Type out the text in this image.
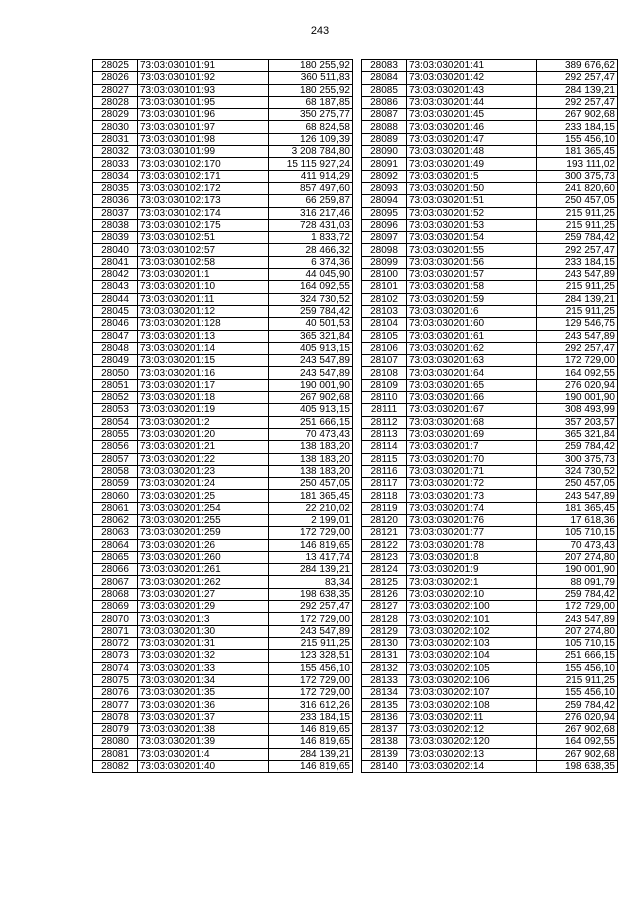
243
28025	73:03:030101:91	180 255,92
28026	73:03:030101:92	360 511,83
28027	73:03:030101:93	180 255,92
28028	73:03:030101:95	68 187,85
28029	73:03:030101:96	350 275,77
28030	73:03:030101:97	68 824,58
28031	73:03:030101:98	126 109,39
28032	73:03:030101:99	3 208 784,80
28033	73:03:030102:170	15 115 927,24
28034	73:03:030102:171	411 914,29
28035	73:03:030102:172	857 497,60
28036	73:03:030102:173	66 259,87
28037	73:03:030102:174	316 217,46
28038	73:03:030102:175	728 431,03
28039	73:03:030102:51	1 833,72
28040	73:03:030102:57	28 466,32
28041	73:03:030102:58	6 374,36
28042	73:03:030201:1	44 045,90
28043	73:03:030201:10	164 092,55
28044	73:03:030201:11	324 730,52
28045	73:03:030201:12	259 784,42
28046	73:03:030201:128	40 501,53
28047	73:03:030201:13	365 321,84
28048	73:03:030201:14	405 913,15
28049	73:03:030201:15	243 547,89
28050	73:03:030201:16	243 547,89
28051	73:03:030201:17	190 001,90
28052	73:03:030201:18	267 902,68
28053	73:03:030201:19	405 913,15
28054	73:03:030201:2	251 666,15
28055	73:03:030201:20	70 473,43
28056	73:03:030201:21	138 183,20
28057	73:03:030201:22	138 183,20
28058	73:03:030201:23	138 183,20
28059	73:03:030201:24	250 457,05
28060	73:03:030201:25	181 365,45
28061	73:03:030201:254	22 210,02
28062	73:03:030201:255	2 199,01
28063	73:03:030201:259	172 729,00
28064	73:03:030201:26	146 819,65
28065	73:03:030201:260	13 417,74
28066	73:03:030201:261	284 139,21
28067	73:03:030201:262	83,34
28068	73:03:030201:27	198 638,35
28069	73:03:030201:29	292 257,47
28070	73:03:030201:3	172 729,00
28071	73:03:030201:30	243 547,89
28072	73:03:030201:31	215 911,25
28073	73:03:030201:32	123 328,51
28074	73:03:030201:33	155 456,10
28075	73:03:030201:34	172 729,00
28076	73:03:030201:35	172 729,00
28077	73:03:030201:36	316 612,26
28078	73:03:030201:37	233 184,15
28079	73:03:030201:38	146 819,65
28080	73:03:030201:39	146 819,65
28081	73:03:030201:4	284 139,21
28082	73:03:030201:40	146 819,65
28083	73:03:030201:41	389 676,62
28084	73:03:030201:42	292 257,47
28085	73:03:030201:43	284 139,21
28086	73:03:030201:44	292 257,47
28087	73:03:030201:45	267 902,68
28088	73:03:030201:46	233 184,15
28089	73:03:030201:47	155 456,10
28090	73:03:030201:48	181 365,45
28091	73:03:030201:49	193 111,02
28092	73:03:030201:5	300 375,73
28093	73:03:030201:50	241 820,60
28094	73:03:030201:51	250 457,05
28095	73:03:030201:52	215 911,25
28096	73:03:030201:53	215 911,25
28097	73:03:030201:54	259 784,42
28098	73:03:030201:55	292 257,47
28099	73:03:030201:56	233 184,15
28100	73:03:030201:57	243 547,89
28101	73:03:030201:58	215 911,25
28102	73:03:030201:59	284 139,21
28103	73:03:030201:6	215 911,25
28104	73:03:030201:60	129 546,75
28105	73:03:030201:61	243 547,89
28106	73:03:030201:62	292 257,47
28107	73:03:030201:63	172 729,00
28108	73:03:030201:64	164 092,55
28109	73:03:030201:65	276 020,94
28110	73:03:030201:66	190 001,90
28111	73:03:030201:67	308 493,99
28112	73:03:030201:68	357 203,57
28113	73:03:030201:69	365 321,84
28114	73:03:030201:7	259 784,42
28115	73:03:030201:70	300 375,73
28116	73:03:030201:71	324 730,52
28117	73:03:030201:72	250 457,05
28118	73:03:030201:73	243 547,89
28119	73:03:030201:74	181 365,45
28120	73:03:030201:76	17 618,36
28121	73:03:030201:77	105 710,15
28122	73:03:030201:78	70 473,43
28123	73:03:030201:8	207 274,80
28124	73:03:030201:9	190 001,90
28125	73:03:030202:1	88 091,79
28126	73:03:030202:10	259 784,42
28127	73:03:030202:100	172 729,00
28128	73:03:030202:101	243 547,89
28129	73:03:030202:102	207 274,80
28130	73:03:030202:103	105 710,15
28131	73:03:030202:104	251 666,15
28132	73:03:030202:105	155 456,10
28133	73:03:030202:106	215 911,25
28134	73:03:030202:107	155 456,10
28135	73:03:030202:108	259 784,42
28136	73:03:030202:11	276 020,94
28137	73:03:030202:12	267 902,68
28138	73:03:030202:120	164 092,55
28139	73:03:030202:13	267 902,68
28140	73:03:030202:14	198 638,35
